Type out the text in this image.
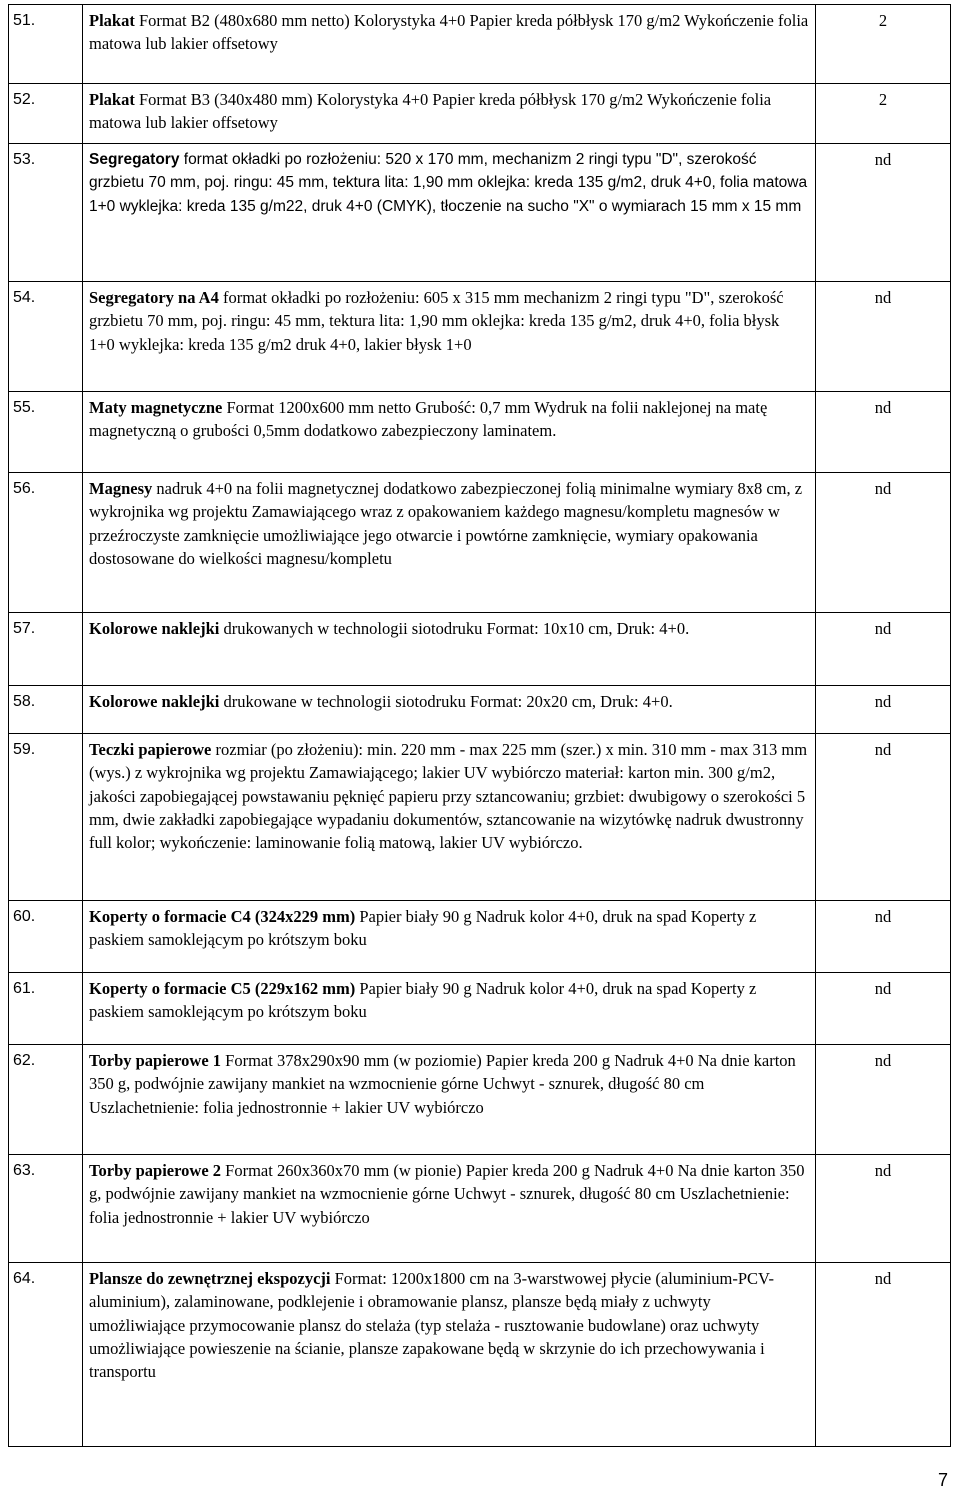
51.	Plakat Format B2 (480x680 mm netto) Kolorystyka 4+0 Papier kreda półbłysk 170 g/m2 Wykończenie folia matowa lub lakier offsetowy	2
52.	Plakat Format B3 (340x480 mm) Kolorystyka 4+0 Papier kreda półbłysk 170 g/m2 Wykończenie folia matowa lub lakier offsetowy	2
53.	Segregatory format okładki po rozłożeniu: 520 x 170 mm, mechanizm 2 ringi typu "D", szerokość grzbietu 70 mm, poj. ringu: 45 mm, tektura lita: 1,90 mm oklejka: kreda 135 g/m2, druk 4+0, folia matowa 1+0 wyklejka: kreda 135 g/m22, druk 4+0 (CMYK), tłoczenie na sucho "X" o wymiarach 15 mm x 15 mm	nd
54.	Segregatory na A4 format okładki po rozłożeniu: 605 x 315 mm mechanizm 2 ringi typu "D", szerokość grzbietu 70 mm, poj. ringu: 45 mm, tektura lita: 1,90 mm oklejka: kreda 135 g/m2, druk 4+0, folia błysk 1+0 wyklejka: kreda 135 g/m2 druk 4+0, lakier błysk 1+0	nd
55.	Maty magnetyczne Format 1200x600 mm netto Grubość: 0,7 mm Wydruk na folii naklejonej na matę magnetyczną o grubości 0,5mm dodatkowo zabezpieczony laminatem.	nd
56.	Magnesy nadruk 4+0 na folii magnetycznej dodatkowo zabezpieczonej folią minimalne wymiary 8x8 cm, z wykrojnika wg projektu Zamawiającego wraz z opakowaniem każdego magnesu/kompletu magnesów w przeźroczyste zamknięcie umożliwiające jego otwarcie i powtórne zamknięcie, wymiary opakowania dostosowane do wielkości magnesu/kompletu	nd
57.	Kolorowe naklejki drukowanych w technologii siotodruku Format: 10x10 cm, Druk: 4+0.	nd
58.	Kolorowe naklejki drukowane w technologii siotodruku Format: 20x20 cm, Druk: 4+0.	nd
59.	Teczki papierowe rozmiar (po złożeniu): min. 220 mm - max 225 mm (szer.) x min. 310 mm - max 313 mm (wys.) z wykrojnika wg projektu Zamawiającego; lakier UV wybiórczo materiał: karton min. 300 g/m2, jakości zapobiegającej powstawaniu pęknięć papieru przy sztancowaniu; grzbiet: dwubigowy o szerokości 5 mm, dwie zakładki zapobiegające wypadaniu dokumentów, sztancowanie na wizytówkę nadruk dwustronny full kolor; wykończenie: laminowanie folią matową, lakier UV wybiórczo.	nd
60.	Koperty o formacie C4 (324x229 mm) Papier biały 90 g Nadruk kolor 4+0, druk na spad Koperty z paskiem samoklejącym po krótszym boku	nd
61.	Koperty o formacie C5 (229x162 mm) Papier biały 90 g Nadruk kolor 4+0, druk na spad Koperty z paskiem samoklejącym po krótszym boku	nd
62.	Torby papierowe 1 Format 378x290x90 mm (w poziomie) Papier kreda 200 g Nadruk 4+0 Na dnie karton 350 g, podwójnie zawijany mankiet na wzmocnienie górne Uchwyt - sznurek, długość 80 cm Uszlachetnienie: folia jednostronnie + lakier UV wybiórczo	nd
63.	Torby papierowe 2 Format 260x360x70 mm (w pionie) Papier kreda 200 g Nadruk 4+0 Na dnie karton 350 g, podwójnie zawijany mankiet na wzmocnienie górne Uchwyt - sznurek, długość 80 cm Uszlachetnienie: folia jednostronnie + lakier UV wybiórczo	nd
64.	Plansze do zewnętrznej ekspozycji Format: 1200x1800 cm na 3-warstwowej płycie (aluminium-PCV-aluminium), zalaminowane, podklejenie i obramowanie plansz, plansze będą miały z uchwyty umożliwiające przymocowanie plansz do stelaża (typ stelaża - rusztowanie budowlane) oraz uchwyty umożliwiające powieszenie na ścianie, plansze zapakowane będą w skrzynie do ich przechowywania i transportu	nd
7
